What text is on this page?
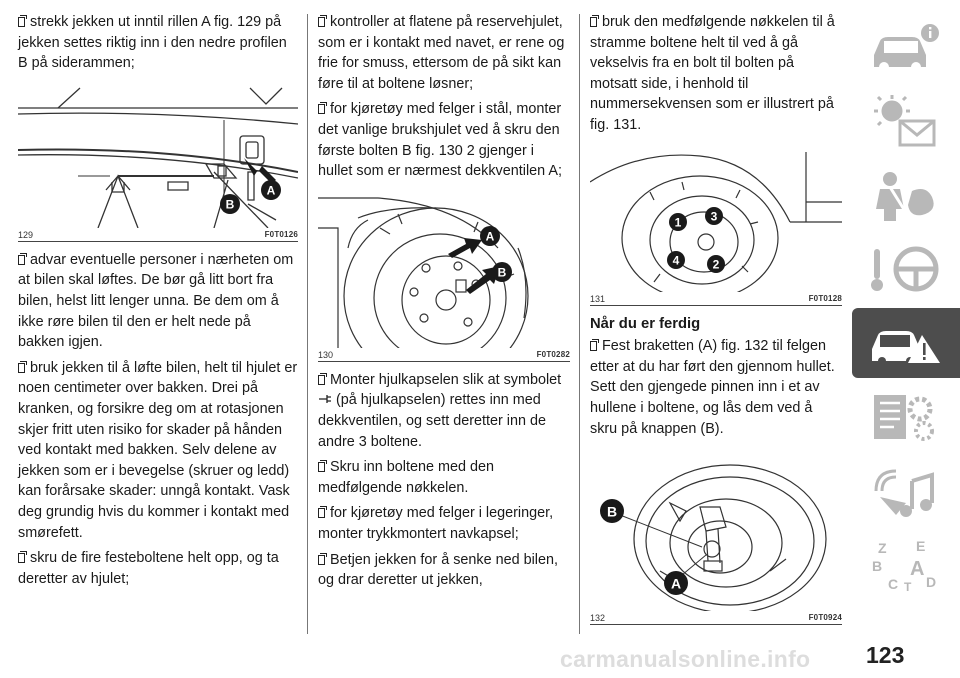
strekk jekken ut inntil rillen A fig. 129 på jekken settes riktig inn i den nedre profilen B på siderammen;

B
A
129	F0T0126

advar eventuelle personer i nærheten om at bilen skal løftes. De bør gå litt bort fra bilen, helst litt lenger unna. Be dem om å ikke røre bilen til den er helt nede på bakken igjen.

bruk jekken til å løfte bilen, helt til hjulet er noen centimeter over bakken. Drei på kranken, og forsikre deg om at rotasjonen skjer fritt uten risiko for skader på hånden ved kontakt med bakken. Selv delene av jekken som er i bevegelse (skruer og ledd) kan forårsake skader: unngå kontakt. Vask deg grundig hvis du kommer i kontakt med smørefett.

skru de fire festeboltene helt opp, og ta deretter av hjulet;

kontroller at flatene på reservehjulet, som er i kontakt med navet, er rene og frie for smuss, ettersom de på sikt kan føre til at boltene løsner;

for kjøretøy med felger i stål, monter det vanlige brukshjulet ved å skru den første bolten B fig. 130 2 gjenger i hullet som er nærmest dekkventilen A;

A
B
130	F0T0282

Monter hjulkapselen slik at symbolet  (på hjulkapselen) rettes inn med dekkventilen, og sett deretter inn de andre 3 boltene.

Skru inn boltene med den medfølgende nøkkelen.

for kjøretøy med felger i legeringer, monter trykkmontert navkapsel;

Betjen jekken for å senke ned bilen, og drar deretter ut jekken,

bruk den medfølgende nøkkelen til å stramme boltene helt til ved å gå vekselvis fra en bolt til bolten på motsatt side, i henhold til nummersekvensen som er illustrert på fig. 131.

1
2
3
4
131	F0T0128
Når du er ferdig

Fest braketten (A) fig. 132 til felgen etter at du har ført den gjennom hullet. Sett den gjengede pinnen inn i et av hullene i boltene, og lås dem ved å skru på knappen (B).

B
A
132	F0T0924
Z E
B A
C T D
carmanualsonline.info 123
